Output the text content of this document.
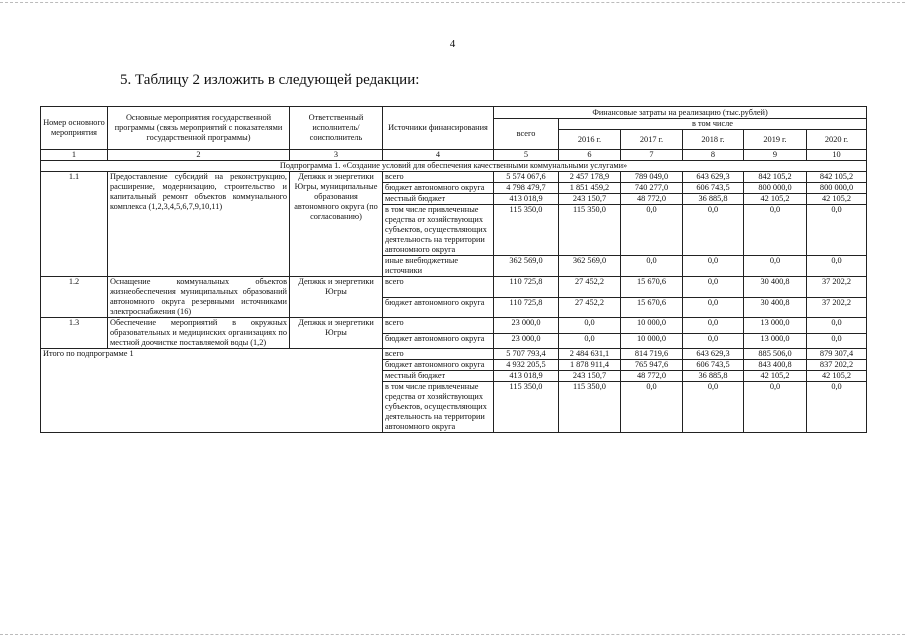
4
5. Таблицу 2 изложить в следующей редакции:
Номер основного мероприятия	Основные мероприятия государственной программы (связь мероприятий с показателями государственной программы)	Ответственный исполнитель/ соисполнитель	Источники финансирования	Финансовые затраты на реализацию (тыс.рублей)					
				всего	в том числе				
					2016 г.	2017 г.	2018 г.	2019 г.	2020 г.
1	2	3	4	5	6	7	8	9	10
Подпрограмма 1. «Создание условий для обеспечения качественными коммунальными услугами»									
1.1	Предоставление субсидий на реконструкцию, расширение, модернизацию, строительство и капитальный ремонт объектов коммунального комплекса (1,2,3,4,5,6,7,9,10,11)	Депжкк и энергетики Югры, муниципальные образования автономного округа (по согласованию)	всего	5 574 067,6	2 457 178,9	789 049,0	643 629,3	842 105,2	842 105,2
			бюджет автономного округа	4 798 479,7	1 851 459,2	740 277,0	606 743,5	800 000,0	800 000,0
			местный бюджет	413 018,9	243 150,7	48 772,0	36 885,8	42 105,2	42 105,2
			в том числе привлеченные средства от хозяйствующих субъектов, осуществляющих деятельность на территории автономного округа	115 350,0	115 350,0	0,0	0,0	0,0	0,0
			иные внебюджетные источники	362 569,0	362 569,0	0,0	0,0	0,0	0,0
1.2	Оснащение коммунальных объектов жизнеобеспечения муниципальных образований автономного округа резервными источниками электроснабжения (16)	Депжкк и энергетики Югры	всего	110 725,8	27 452,2	15 670,6	0,0	30 400,8	37 202,2
			бюджет автономного округа	110 725,8	27 452,2	15 670,6	0,0	30 400,8	37 202,2
1.3	Обеспечение мероприятий в окружных образовательных и медицинских организациях по местной доочистке поставляемой воды (1,2)	Депжкк и энергетики Югры	всего	23 000,0	0,0	10 000,0	0,0	13 000,0	0,0
			бюджет автономного округа	23 000,0	0,0	10 000,0	0,0	13 000,0	0,0
Итого по подпрограмме 1			всего	5 707 793,4	2 484 631,1	814 719,6	643 629,3	885 506,0	879 307,4
			бюджет автономного округа	4 932 205,5	1 878 911,4	765 947,6	606 743,5	843 400,8	837 202,2
			местный бюджет	413 018,9	243 150,7	48 772,0	36 885,8	42 105,2	42 105,2
			в том числе привлеченные средства от хозяйствующих субъектов, осуществляющих деятельность на территории автономного округа	115 350,0	115 350,0	0,0	0,0	0,0	0,0
